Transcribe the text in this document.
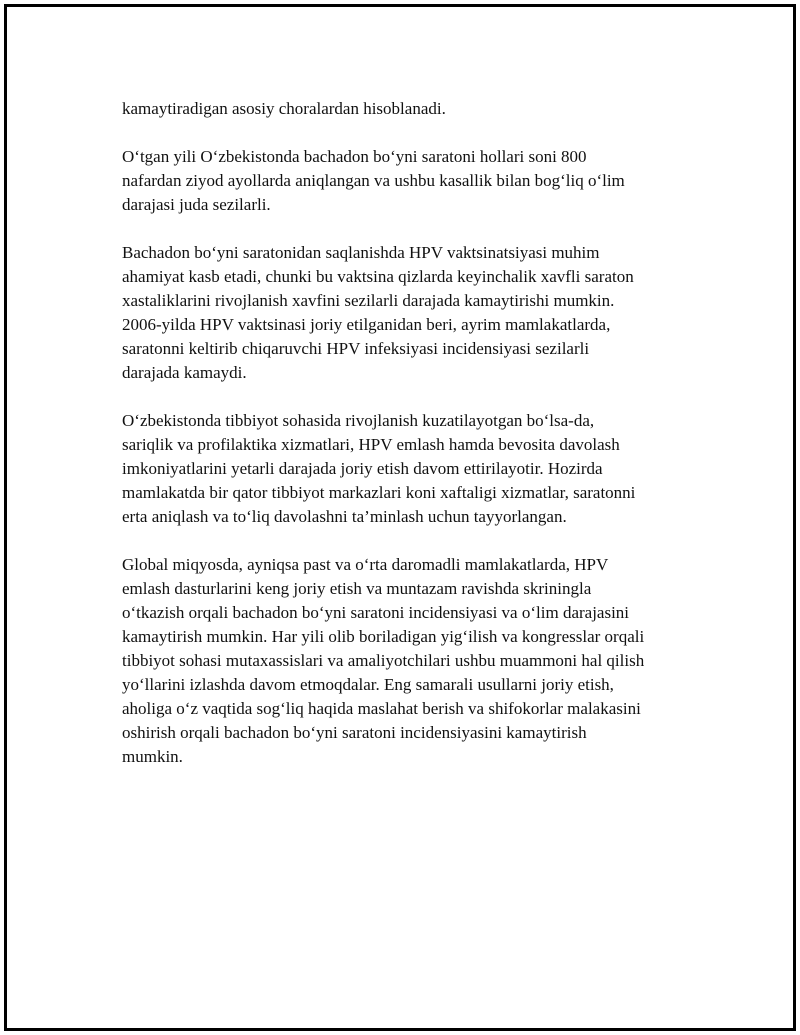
kamaytiradigan asosiy choralardan hisoblanadi.

O‘tgan yili O‘zbekistonda bachadon bo‘yni saratoni hollari soni 800
nafardan ziyod ayollarda aniqlangan va ushbu kasallik bilan bog‘liq o‘lim
darajasi juda sezilarli.

Bachadon bo‘yni saratonidan saqlanishda HPV vaktsinatsiyasi muhim
ahamiyat kasb etadi, chunki bu vaktsina qizlarda keyinchalik xavfli saraton
xastaliklarini rivojlanish xavfini sezilarli darajada kamaytirishi mumkin.
2006-yilda HPV vaktsinasi joriy etilganidan beri, ayrim mamlakatlarda,
saratonni keltirib chiqaruvchi HPV infeksiyasi incidensiyasi sezilarli
darajada kamaydi.

O‘zbekistonda tibbiyot sohasida rivojlanish kuzatilayotgan bo‘lsa-da,
sariqlik va profilaktika xizmatlari, HPV emlash hamda bevosita davolash
imkoniyatlarini yetarli darajada joriy etish davom ettirilayotir. Hozirda
mamlakatda bir qator tibbiyot markazlari koni xaftaligi xizmatlar, saratonni
erta aniqlash va to‘liq davolashni ta’minlash uchun tayyorlangan.

Global miqyosda, ayniqsa past va o‘rta daromadli mamlakatlarda, HPV
emlash dasturlarini keng joriy etish va muntazam ravishda skriningla
o‘tkazish orqali bachadon bo‘yni saratoni incidensiyasi va o‘lim darajasini
kamaytirish mumkin. Har yili olib boriladigan yig‘ilish va kongresslar orqali
tibbiyot sohasi mutaxassislari va amaliyotchilari ushbu muammoni hal qilish
yo‘llarini izlashda davom etmoqdalar. Eng samarali usullarni joriy etish,
aholiga o‘z vaqtida sog‘liq haqida maslahat berish va shifokorlar malakasini
oshirish orqali bachadon bo‘yni saratoni incidensiyasini kamaytirish
mumkin.
